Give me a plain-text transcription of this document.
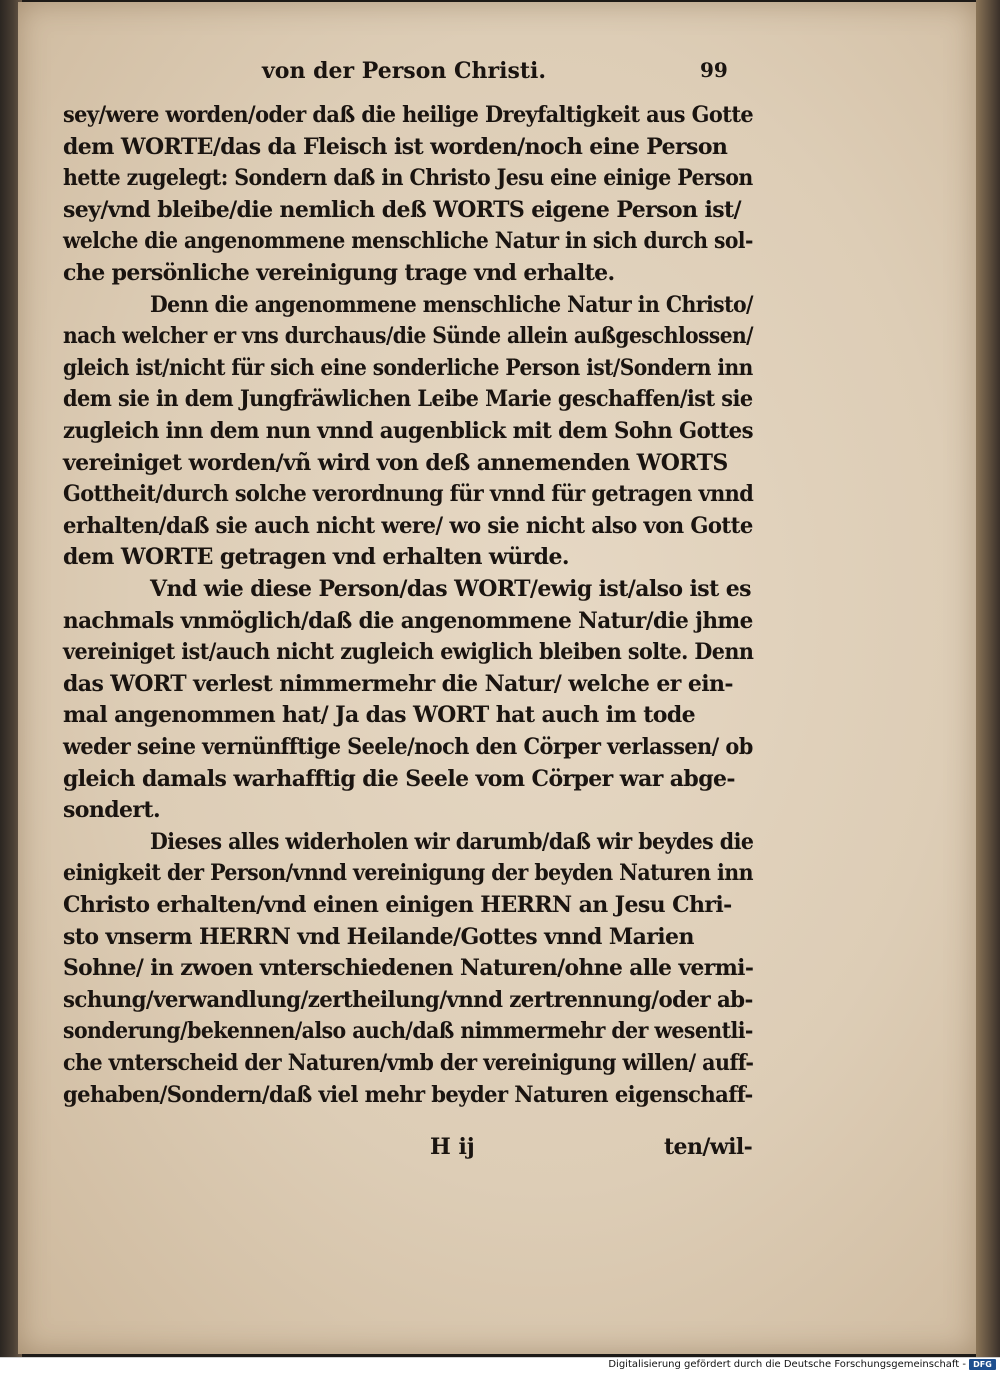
von der Person Christi.	99
sey/were worden/oder daß die heilige Dreyfaltigkeit aus Gotte
dem WORTE/das da Fleisch ist worden/noch eine Person
hette zugelegt: Sondern daß in Christo Jesu eine einige Person
sey/vnd bleibe/die nemlich deß WORTS eigene Person ist/
welche die angenommene menschliche Natur in sich durch sol-
che persönliche vereinigung trage vnd erhalte.
Denn die angenommene menschliche Natur in Christo/
nach welcher er vns durchaus/die Sünde allein außgeschlossen/
gleich ist/nicht für sich eine sonderliche Person ist/Sondern inn
dem sie in dem Jungfräwlichen Leibe Marie geschaffen/ist sie
zugleich inn dem nun vnnd augenblick mit dem Sohn Gottes
vereiniget worden/vñ wird von deß annemenden WORTS
Gottheit/durch solche verordnung für vnnd für getragen vnnd
erhalten/daß sie auch nicht were/ wo sie nicht also von Gotte
dem WORTE getragen vnd erhalten würde.
Vnd wie diese Person/das WORT/ewig ist/also ist es
nachmals vnmöglich/daß die angenommene Natur/die jhme
vereiniget ist/auch nicht zugleich ewiglich bleiben solte. Denn
das WORT verlest nimmermehr die Natur/ welche er ein-
mal angenommen hat/ Ja das WORT hat auch im tode
weder seine vernünfftige Seele/noch den Cörper verlassen/ ob
gleich damals warhafftig die Seele vom Cörper war abge-
sondert.
Dieses alles widerholen wir darumb/daß wir beydes die
einigkeit der Person/vnnd vereinigung der beyden Naturen inn
Christo erhalten/vnd einen einigen HERRN an Jesu Chri-
sto vnserm HERRN vnd Heilande/Gottes vnnd Marien
Sohne/ in zwoen vnterschiedenen Naturen/ohne alle vermi-
schung/verwandlung/zertheilung/vnnd zertrennung/oder ab-
sonderung/bekennen/also auch/daß nimmermehr der wesentli-
che vnterscheid der Naturen/vmb der vereinigung willen/ auff-
gehaben/Sondern/daß viel mehr beyder Naturen eigenschaff-
H ij	ten/wil-
Digitalisierung gefördert durch die Deutsche Forschungsgemeinschaft - DFG
